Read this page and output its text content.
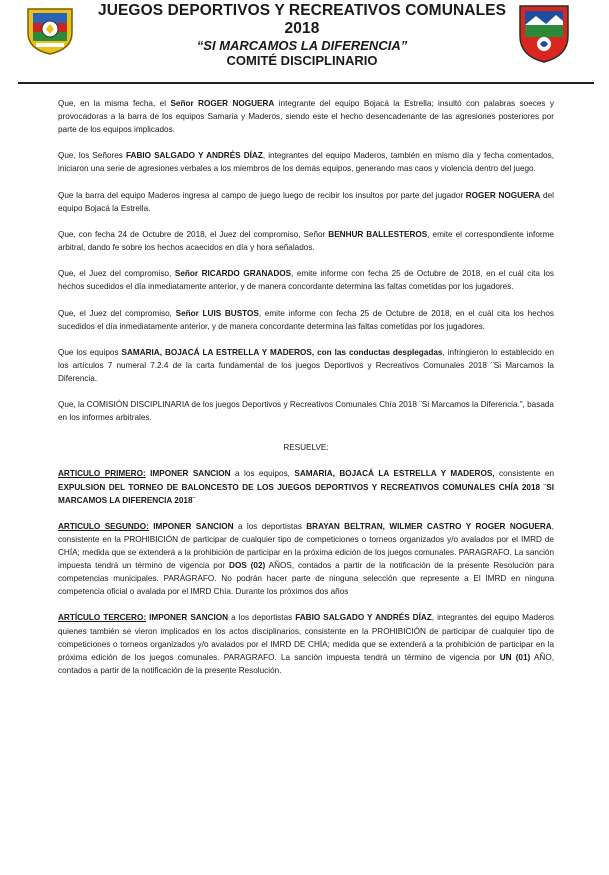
JUEGOS DEPORTIVOS Y RECREATIVOS COMUNALES 2018
“SI MARCAMOS LA DIFERENCIA”
COMITÉ DISCIPLINARIO

Que, en la misma fecha, el Señor ROGER NOGUERA integrante del equipo Bojacá la Estrella; insultó con palabras soeces y provocadoras a la barra de los equipos Samaria y Maderos, siendo este el hecho desencadenante de las agresiones posteriores por parte de los equipos implicados.

Que, los Señores FABIO SALGADO Y ANDRÉS DÍAZ, integrantes del equipo Maderos, también en mismo día y fecha comentados, iniciaron una serie de agresiones verbales a los miembros de los demás equipos, generando mas caos y violencia dentro del juego.

Que la barra del equipo Maderos ingresa al campo de juego luego de recibir los insultos por parte del jugador ROGER NOGUERA del equipo Bojacá la Estrella.

Que, con fecha 24 de Octubre de 2018, el Juez del compromiso, Señor BENHUR BALLESTEROS, emite el correspondiente informe arbitral, dando fe sobre los hechos acaecidos en día y hora señalados.

Que, el Juez del compromiso, Señor RICARDO GRANADOS, emite informe con fecha 25 de Octubre de 2018, en el cuál cita los hechos sucedidos el día inmediatamente anterior, y de manera concordante determina las faltas cometidas por los jugadores.

Que, el Juez del compromiso, Señor LUIS BUSTOS, emite informe con fecha 25 de Octubre de 2018, en el cuál cita los hechos sucedidos el día inmediatamente anterior, y de manera concordante determina las faltas cometidas por los jugadores.

Que los equipos SAMARIA, BOJACÁ LA ESTRELLA Y MADEROS, con las conductas desplegadas, infringieron lo establecido en los artículos 7 numeral 7.2.4 de la carta fundamental de los juegos Deportivos y Recreativos Comunales 2018 ¨Si Marcamos la Diferencia.

Que, la COMISIÓN DISCIPLINARIA de los juegos Deportivos y Recreativos Comunales Chía 2018 ¨Si Marcamos la Diferencia.”, basada en los informes arbitrales.

RESUELVE:

ARTICULO PRIMERO: IMPONER SANCION a los equipos, SAMARIA, BOJACÁ LA ESTRELLA Y MADEROS, consistente en EXPULSION DEL TORNEO DE BALONCESTO DE LOS JUEGOS DEPORTIVOS Y RECREATIVOS COMUNALES CHÍA 2018 ¨SI MARCAMOS LA DIFERENCIA 2018¨

ARTICULO SEGUNDO: IMPONER SANCION a los deportistas BRAYAN BELTRAN, WILMER CASTRO Y ROGER NOGUERA, consistente en la PROHIBICIÓN de participar de cualquier tipo de competiciones o torneos organizados y/o avalados por el IMRD de CHÍA; medida que se extenderá a la prohibición de participar en la próxima edición de los juegos comunales. PARAGRAFO. La sanción impuesta tendrá un término de vigencia por DOS (02) AÑOS, contados a partir de la notificación de la presente Resolución para competencias municipales. PARÁGRAFO. No podrán hacer parte de ninguna selección que represente a El IMRD en ninguna competencia oficial o avalada por el IMRD Chía. Durante los próximos dos años

ARTÍCULO TERCERO: IMPONER SANCION a los deportistas FABIO SALGADO Y ANDRÉS DÍAZ, integrantes del equipo Maderos quienes también se vieron implicados en los actos disciplinarios, consistente en la PROHIBICIÓN de participar de cualquier tipo de competiciones o torneos organizados y/o avalados por el IMRD DE CHÍA; medida que se extenderá a la prohibición de participar en la próxima edición de los juegos comunales. PARAGRAFO. La sanción impuesta tendrá un término de vigencia por UN (01) AÑO, contados a partir de la notificación de la presente Resolución.
